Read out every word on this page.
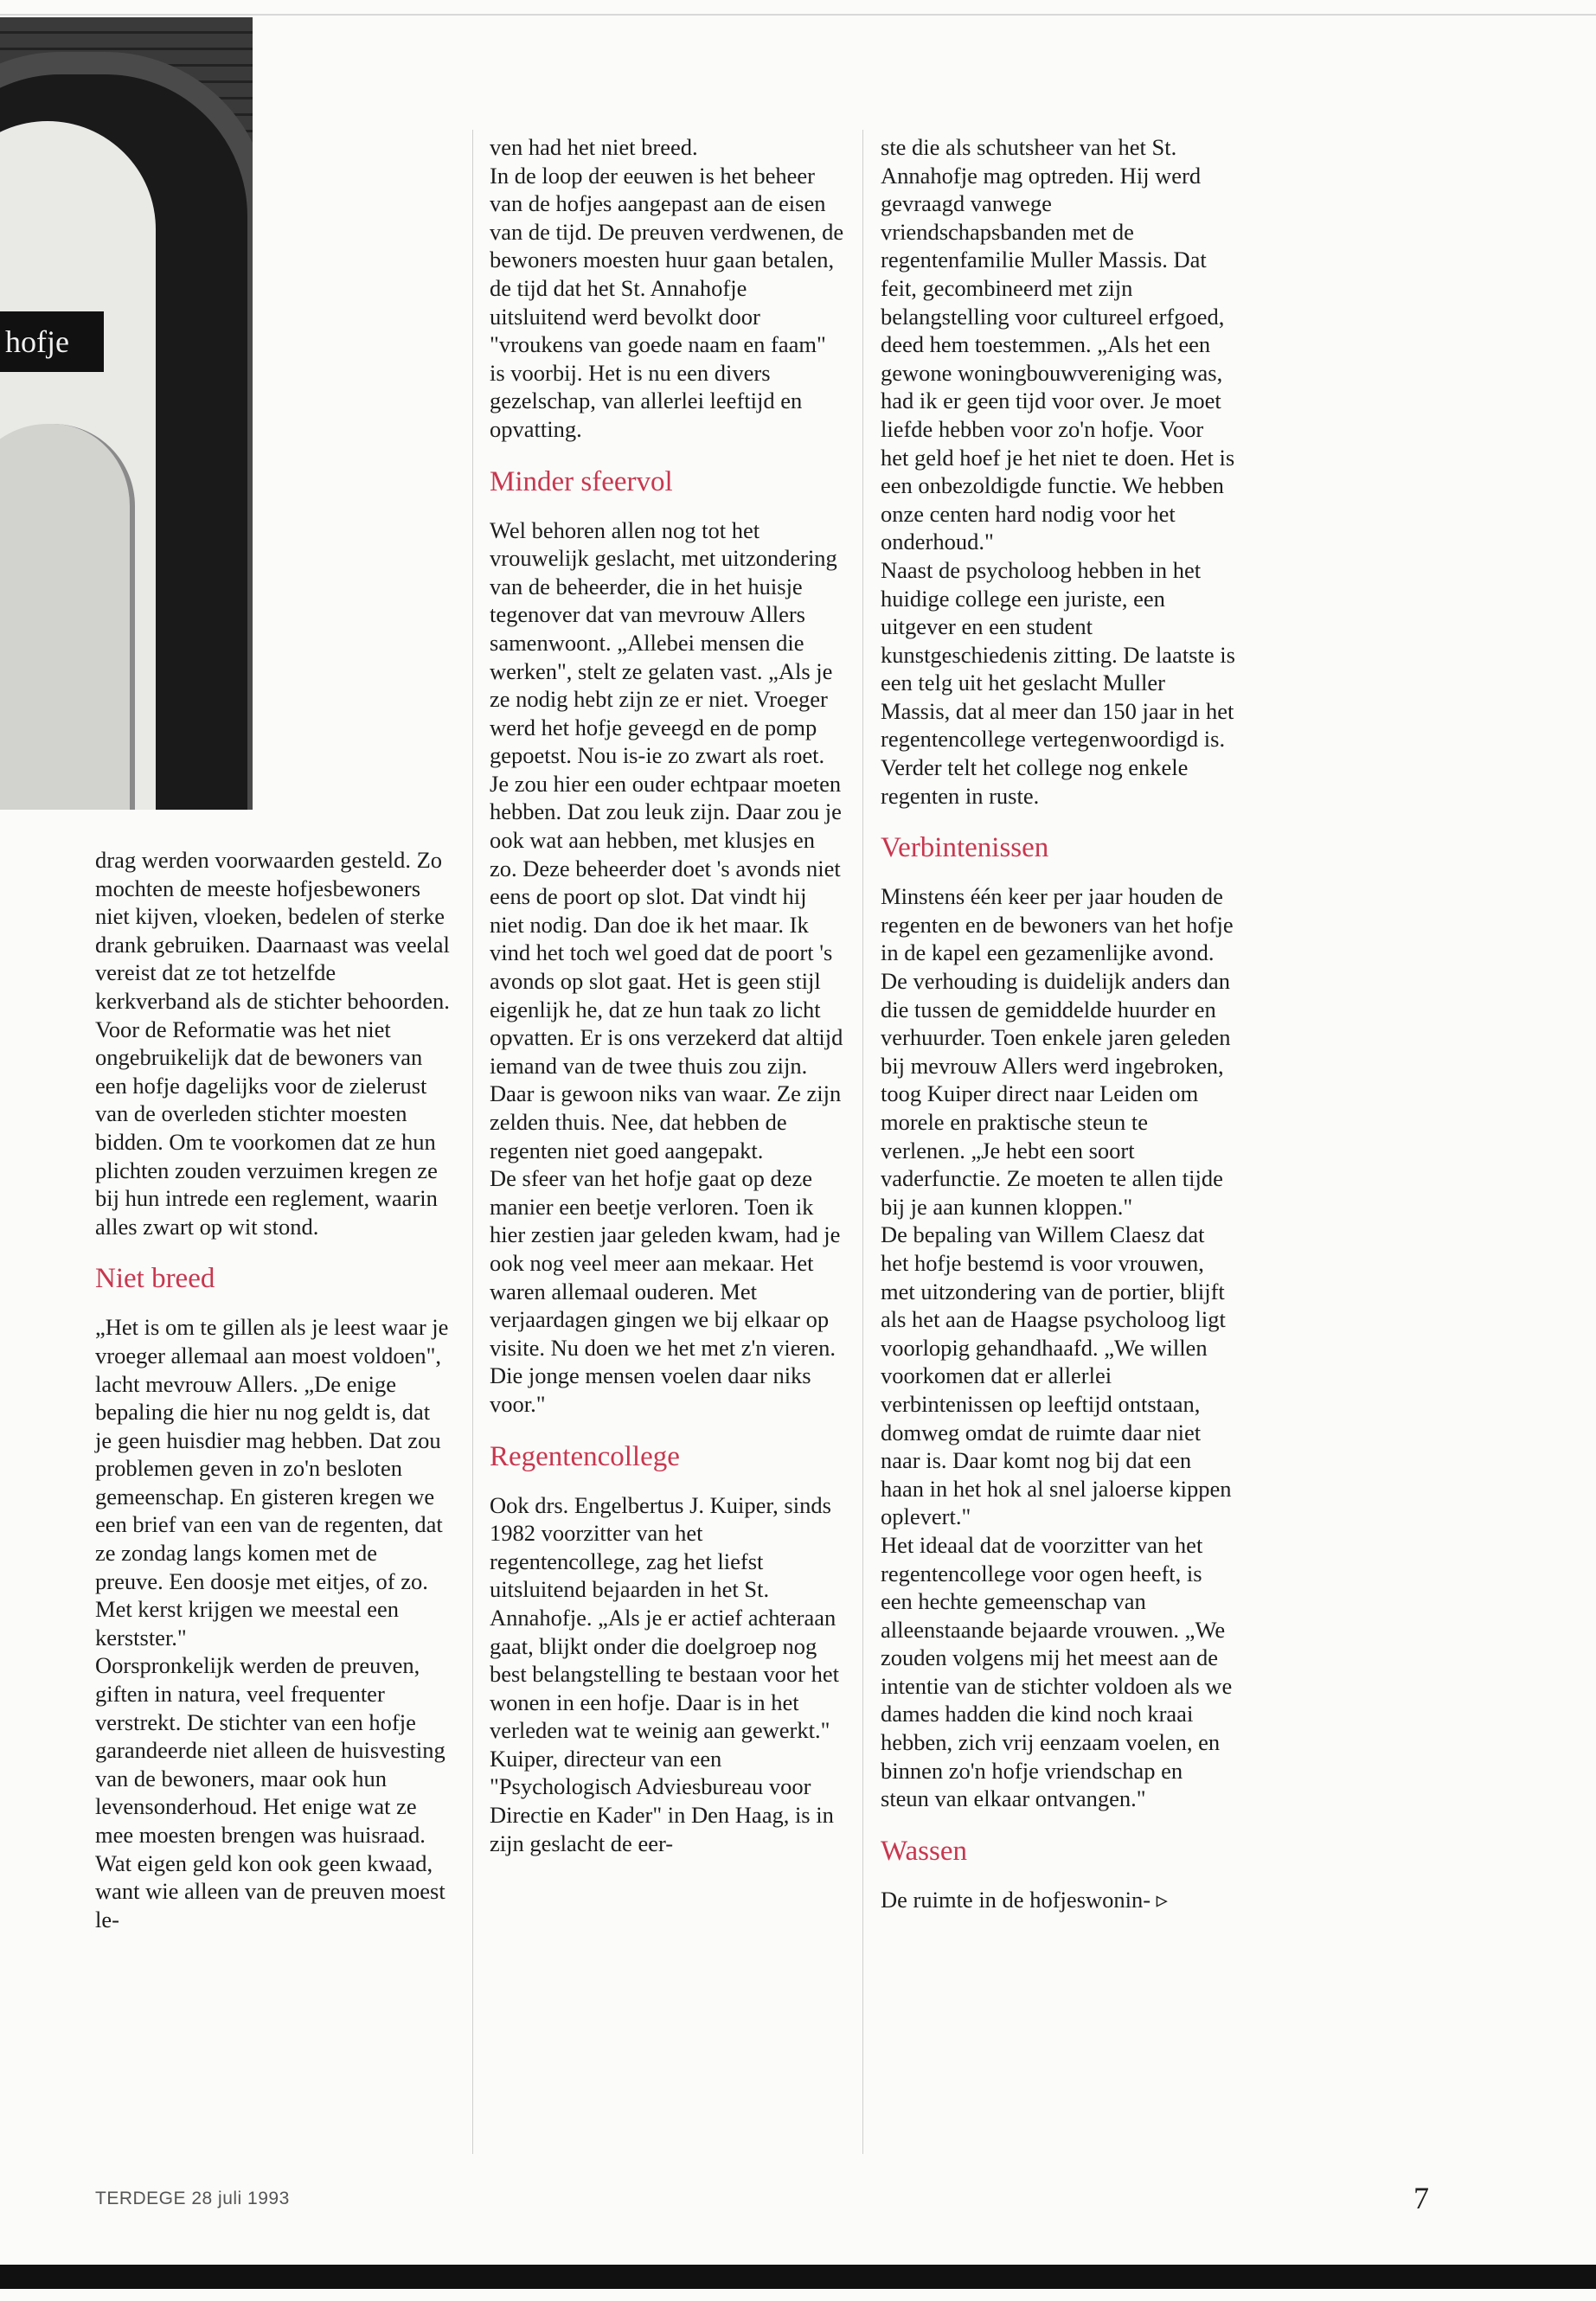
hofje

drag werden voorwaarden gesteld. Zo mochten de meeste hofjesbewoners niet kijven, vloeken, bedelen of sterke drank gebruiken. Daarnaast was veelal vereist dat ze tot hetzelfde kerkverband als de stichter behoorden.

Voor de Reformatie was het niet ongebruikelijk dat de bewoners van een hofje dagelijks voor de zielerust van de overleden stichter moesten bidden. Om te voorkomen dat ze hun plichten zouden verzuimen kregen ze bij hun intrede een reglement, waarin alles zwart op wit stond.

Niet breed

„Het is om te gillen als je leest waar je vroeger allemaal aan moest voldoen", lacht mevrouw Allers. „De enige bepaling die hier nu nog geldt is, dat je geen huisdier mag hebben. Dat zou problemen geven in zo'n besloten gemeenschap. En gisteren kregen we een brief van een van de regenten, dat ze zondag langs komen met de preuve. Een doosje met eitjes, of zo. Met kerst krijgen we meestal een kerstster."

Oorspronkelijk werden de preuven, giften in natura, veel frequenter verstrekt. De stichter van een hofje garandeerde niet alleen de huisvesting van de bewoners, maar ook hun levensonderhoud. Het enige wat ze mee moesten brengen was huisraad. Wat eigen geld kon ook geen kwaad, want wie alleen van de preuven moest le-

ven had het niet breed.

In de loop der eeuwen is het beheer van de hofjes aangepast aan de eisen van de tijd. De preuven verdwenen, de bewoners moesten huur gaan betalen, de tijd dat het St. Annahofje uitsluitend werd bevolkt door "vroukens van goede naam en faam" is voorbij. Het is nu een divers gezelschap, van allerlei leeftijd en opvatting.

Minder sfeervol

Wel behoren allen nog tot het vrouwelijk geslacht, met uitzondering van de beheerder, die in het huisje tegenover dat van mevrouw Allers samenwoont. „Allebei mensen die werken", stelt ze gelaten vast. „Als je ze nodig hebt zijn ze er niet. Vroeger werd het hofje geveegd en de pomp gepoetst. Nou is-ie zo zwart als roet.

Je zou hier een ouder echtpaar moeten hebben. Dat zou leuk zijn. Daar zou je ook wat aan hebben, met klusjes en zo. Deze beheerder doet 's avonds niet eens de poort op slot. Dat vindt hij niet nodig. Dan doe ik het maar. Ik vind het toch wel goed dat de poort 's avonds op slot gaat. Het is geen stijl eigenlijk he, dat ze hun taak zo licht opvatten. Er is ons verzekerd dat altijd iemand van de twee thuis zou zijn. Daar is gewoon niks van waar. Ze zijn zelden thuis. Nee, dat hebben de regenten niet goed aangepakt.

De sfeer van het hofje gaat op deze manier een beetje verloren. Toen ik hier zestien jaar geleden kwam, had je ook nog veel meer aan mekaar. Het waren allemaal ouderen. Met verjaardagen gingen we bij elkaar op visite. Nu doen we het met z'n vieren. Die jonge mensen voelen daar niks voor."

Regentencollege

Ook drs. Engelbertus J. Kuiper, sinds 1982 voorzitter van het regentencollege, zag het liefst uitsluitend bejaarden in het St. Annahofje. „Als je er actief achteraan gaat, blijkt onder die doelgroep nog best belangstelling te bestaan voor het wonen in een hofje. Daar is in het verleden wat te weinig aan gewerkt."

Kuiper, directeur van een "Psychologisch Adviesbureau voor Directie en Kader" in Den Haag, is in zijn geslacht de eer-

ste die als schutsheer van het St. Annahofje mag optreden. Hij werd gevraagd vanwege vriendschapsbanden met de regentenfamilie Muller Massis. Dat feit, gecombineerd met zijn belangstelling voor cultureel erfgoed, deed hem toestemmen. „Als het een gewone woningbouwvereniging was, had ik er geen tijd voor over. Je moet liefde hebben voor zo'n hofje. Voor het geld hoef je het niet te doen. Het is een onbezoldigde functie. We hebben onze centen hard nodig voor het onderhoud."

Naast de psycholoog hebben in het huidige college een juriste, een uitgever en een student kunstgeschiedenis zitting. De laatste is een telg uit het geslacht Muller Massis, dat al meer dan 150 jaar in het regentencollege vertegenwoordigd is. Verder telt het college nog enkele regenten in ruste.

Verbintenissen

Minstens één keer per jaar houden de regenten en de bewoners van het hofje in de kapel een gezamenlijke avond. De verhouding is duidelijk anders dan die tussen de gemiddelde huurder en verhuurder. Toen enkele jaren geleden bij mevrouw Allers werd ingebroken, toog Kuiper direct naar Leiden om morele en praktische steun te verlenen. „Je hebt een soort vaderfunctie. Ze moeten te allen tijde bij je aan kunnen kloppen."

De bepaling van Willem Claesz dat het hofje bestemd is voor vrouwen, met uitzondering van de portier, blijft als het aan de Haagse psycholoog ligt voorlopig gehandhaafd. „We willen voorkomen dat er allerlei verbintenissen op leeftijd ontstaan, domweg omdat de ruimte daar niet naar is. Daar komt nog bij dat een haan in het hok al snel jaloerse kippen oplevert."

Het ideaal dat de voorzitter van het regentencollege voor ogen heeft, is een hechte gemeenschap van alleenstaande bejaarde vrouwen. „We zouden volgens mij het meest aan de intentie van de stichter voldoen als we dames hadden die kind noch kraai hebben, zich vrij eenzaam voelen, en binnen zo'n hofje vriendschap en steun van elkaar ontvangen."

Wassen

De ruimte in de hofjeswonin- ▹

TERDEGE 28 juli 1993	7
